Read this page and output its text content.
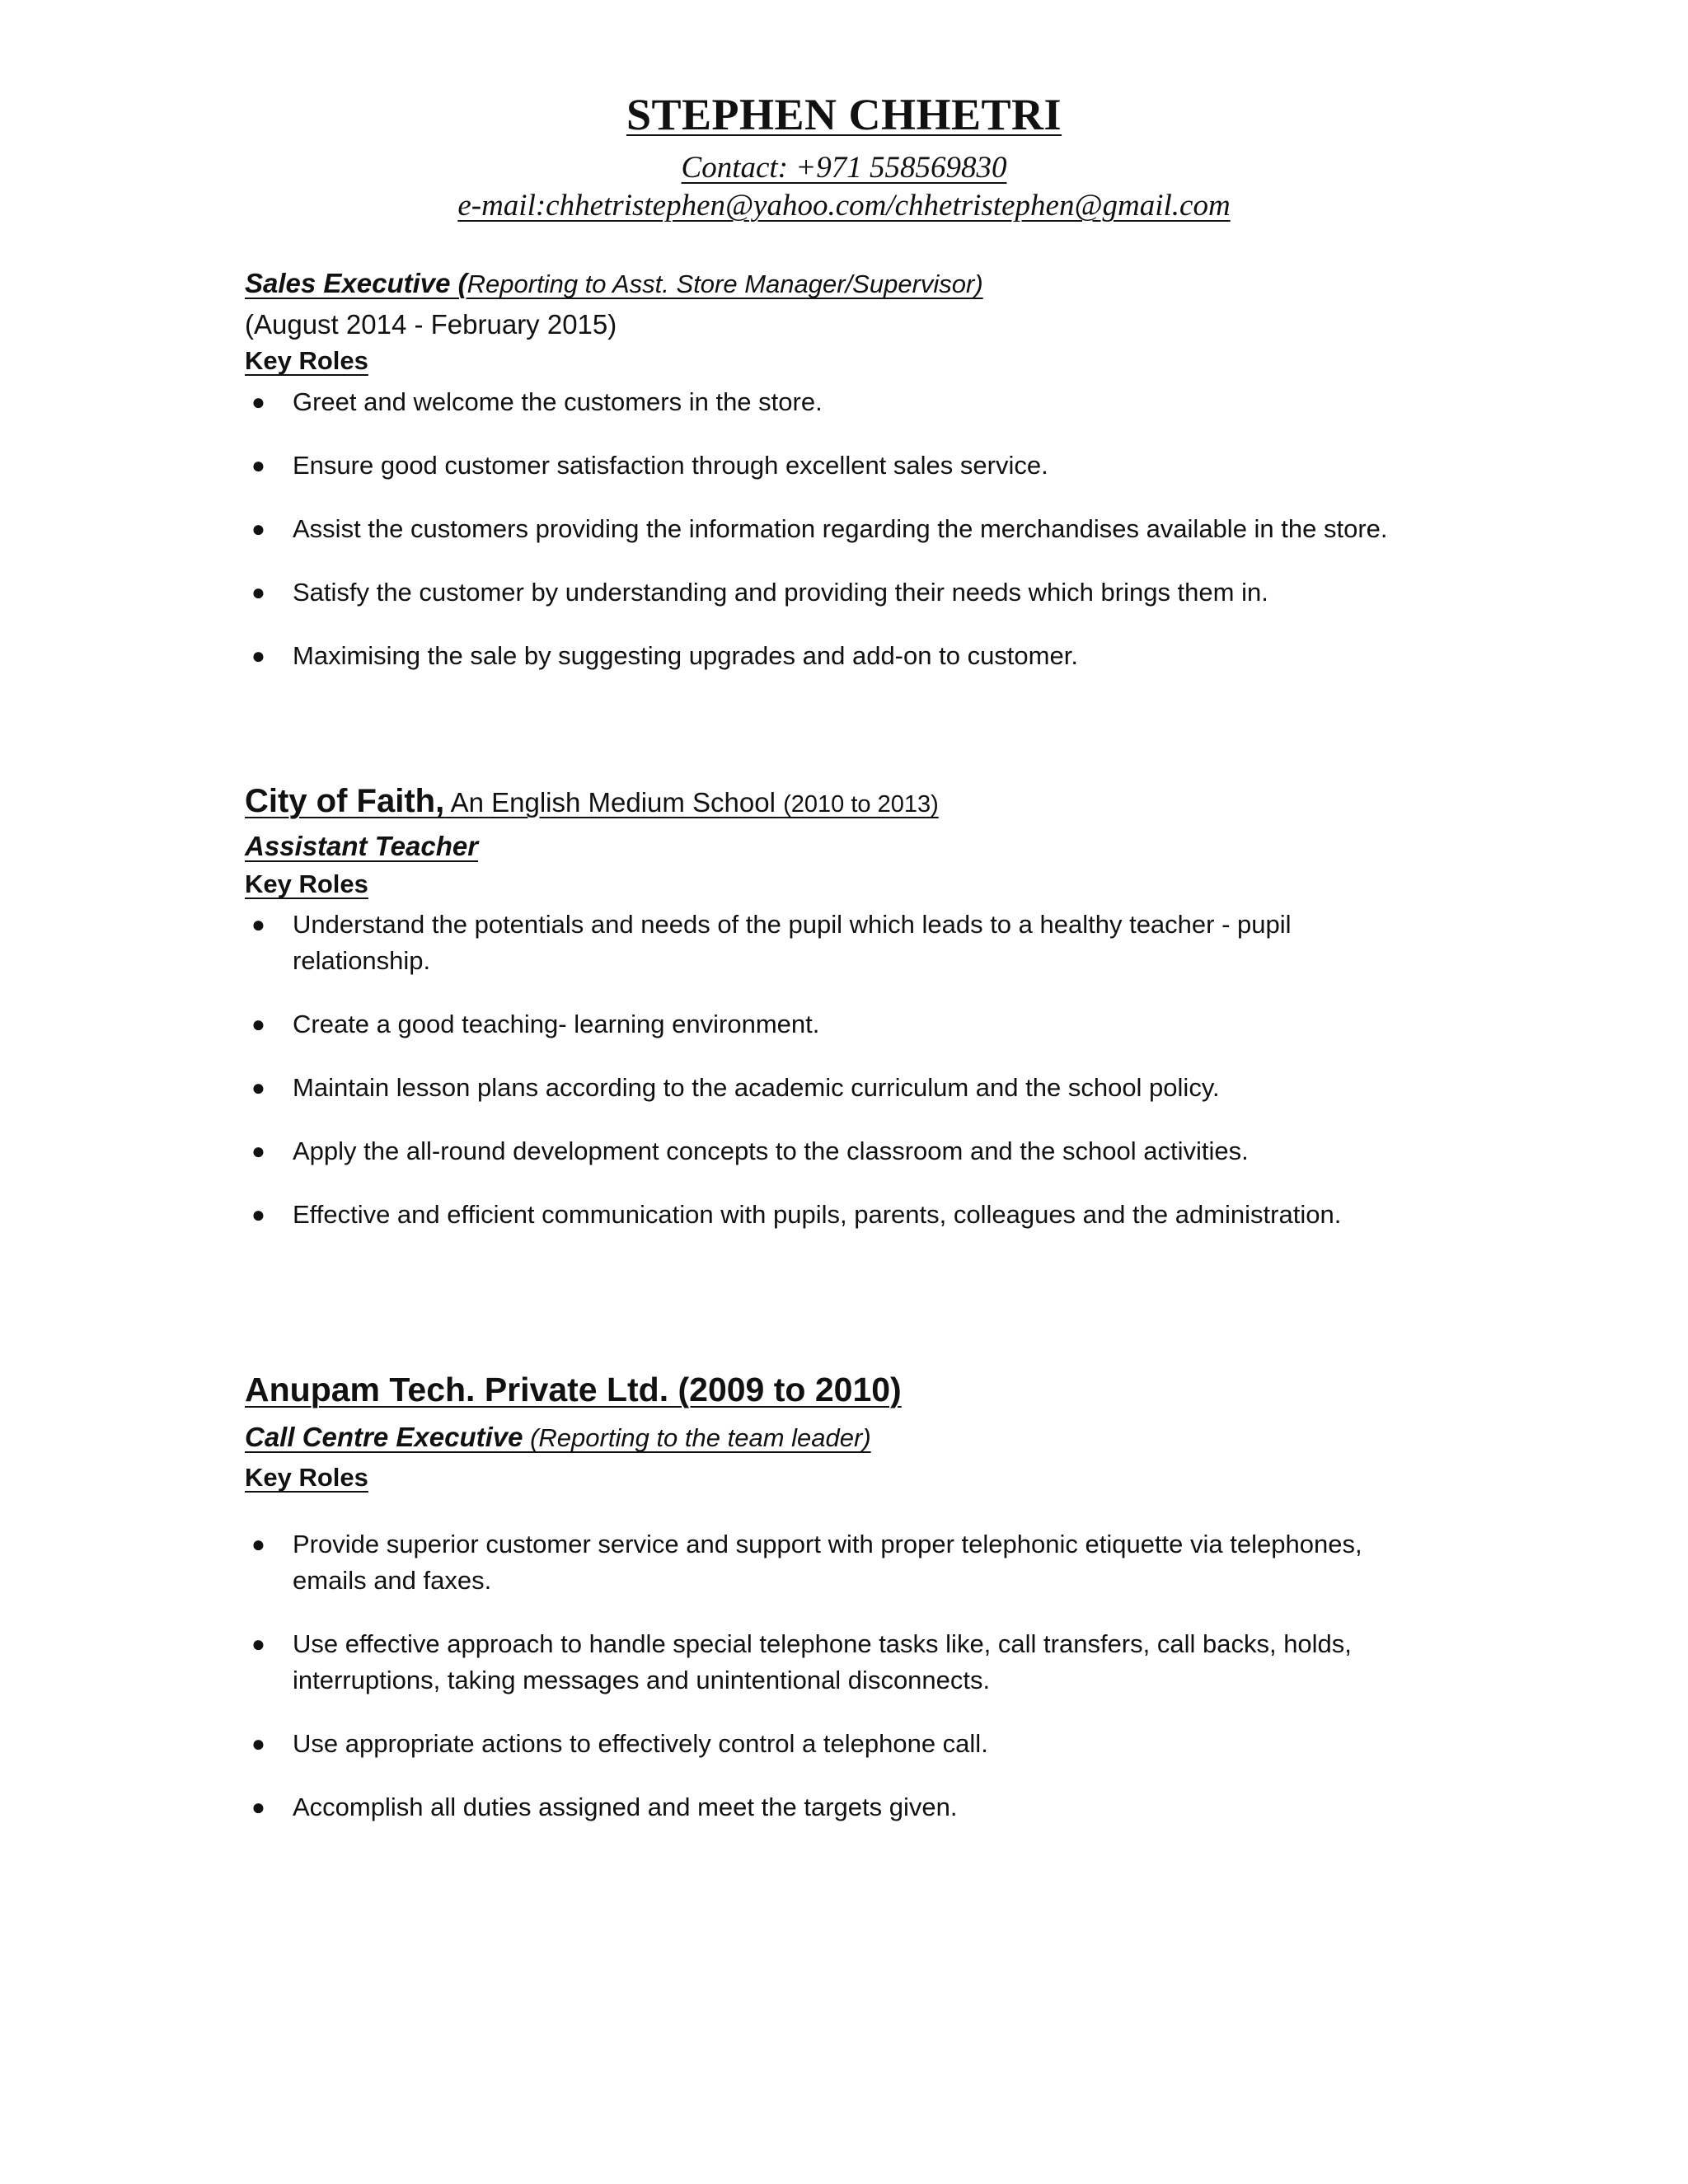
STEPHEN CHHETRI
Contact: +971 558569830
e-mail:chhetristephen@yahoo.com/chhetristephen@gmail.com
Sales Executive (Reporting to Asst. Store Manager/Supervisor)
(August 2014 - February 2015)
Key Roles
● Greet and welcome the customers in the store.
● Ensure good customer satisfaction through excellent sales service.
● Assist the customers providing the information regarding the merchandises available in the store.
● Satisfy the customer by understanding and providing their needs which brings them in.
● Maximising the sale by suggesting upgrades and add-on to customer.
City of Faith, An English Medium School (2010 to 2013)
Assistant Teacher
Key Roles
● Understand the potentials and needs of the pupil which leads to a healthy teacher - pupil relationship.
● Create a good teaching- learning environment.
● Maintain lesson plans according to the academic curriculum and the school policy.
● Apply the all-round development concepts to the classroom and the school activities.
● Effective and efficient communication with pupils, parents, colleagues and the administration.
Anupam Tech. Private Ltd. (2009 to 2010)
Call Centre Executive (Reporting to the team leader)
Key Roles
● Provide superior customer service and support with proper telephonic etiquette via telephones, emails and faxes.
● Use effective approach to handle special telephone tasks like, call transfers, call backs, holds, interruptions, taking messages and unintentional disconnects.
● Use appropriate actions to effectively control a telephone call.
● Accomplish all duties assigned and meet the targets given.
